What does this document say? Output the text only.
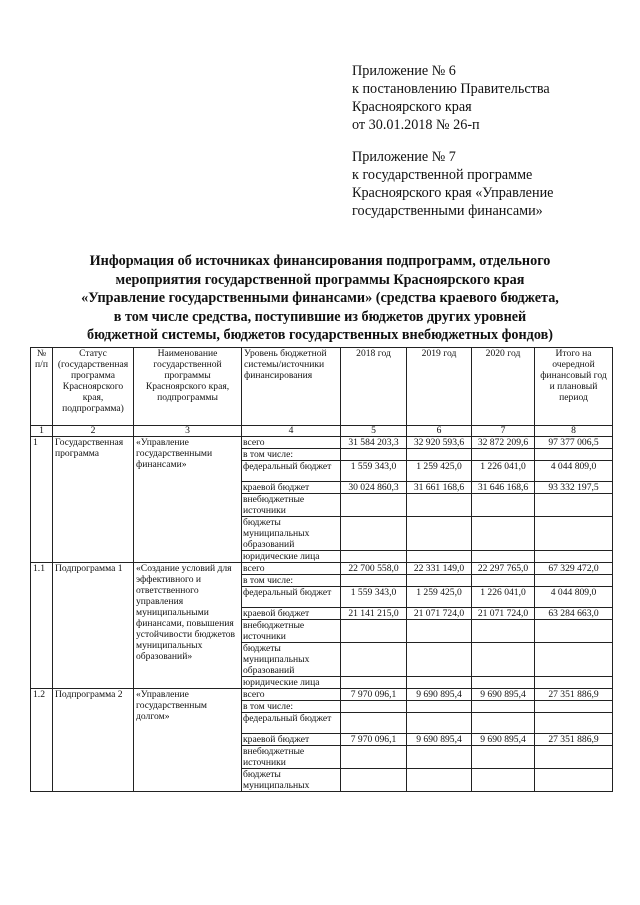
Приложение № 6
к постановлению Правительства
Красноярского края
от 30.01.2018 № 26-п
Приложение № 7
к государственной программе
Красноярского края «Управление
государственными финансами»
Информация об источниках финансирования подпрограмм, отдельного
мероприятия государственной программы Красноярского края
«Управление государственными финансами» (средства краевого бюджета,
в том числе средства, поступившие из бюджетов других уровней
бюджетной системы, бюджетов государственных внебюджетных фондов)
№ п/п	Статус (государственная программа Красноярского края, подпрограмма)	Наименование государственной программы Красноярского края, подпрограммы	Уровень бюджетной системы/источники финансирования	2018 год	2019 год	2020 год	Итого на очередной финансовый год и плановый период
1	2	3	4	5	6	7	8
1	Государственная программа	«Управление государственными финансами»	всего	31 584 203,3	32 920 593,6	32 872 209,6	97 377 006,5
			в том числе:				
			федеральный бюджет	1 559 343,0	1 259 425,0	1 226 041,0	4 044 809,0
			краевой бюджет	30 024 860,3	31 661 168,6	31 646 168,6	93 332 197,5
			внебюджетные источники				
			бюджеты муниципальных образований				
			юридические лица				
1.1	Подпрограмма 1	«Создание условий для эффективного и ответственного управления муниципальными финансами, повышения устойчивости бюджетов муниципальных образований»	всего	22 700 558,0	22 331 149,0	22 297 765,0	67 329 472,0
			в том числе:				
			федеральный бюджет	1 559 343,0	1 259 425,0	1 226 041,0	4 044 809,0
			краевой бюджет	21 141 215,0	21 071 724,0	21 071 724,0	63 284 663,0
			внебюджетные источники				
			бюджеты муниципальных образований				
			юридические лица				
1.2	Подпрограмма 2	«Управление государственным долгом»	всего	7 970 096,1	9 690 895,4	9 690 895,4	27 351 886,9
			в том числе:				
			федеральный бюджет				
			краевой бюджет	7 970 096,1	9 690 895,4	9 690 895,4	27 351 886,9
			внебюджетные источники				
			бюджеты муниципальных				
